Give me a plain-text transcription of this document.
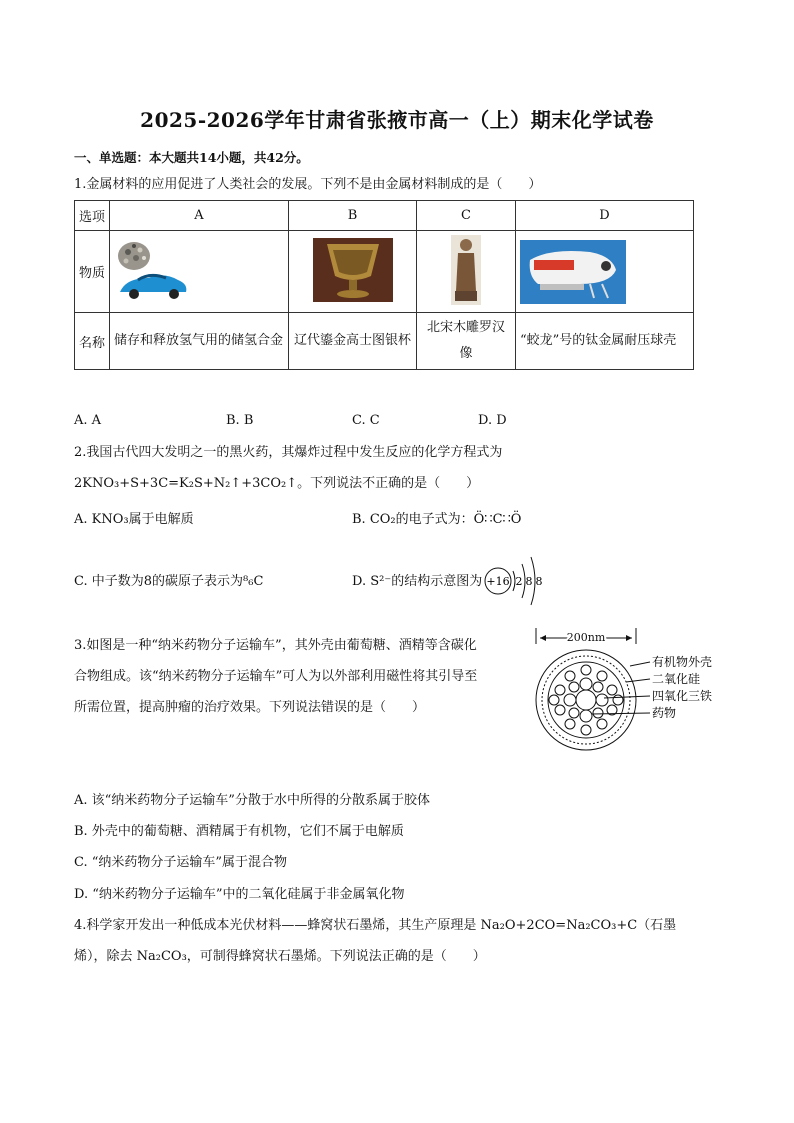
2025-2026学年甘肃省张掖市高一（上）期末化学试卷
一、单选题：本大题共14小题，共42分。
1.金属材料的应用促进了人类社会的发展。下列不是由金属材料制成的是（　　）
选项	A	B	C	D
物质	

名称	储存和释放氢气用的储氢合金	辽代鎏金高士图银杯	北宋木雕罗汉像	“蛟龙”号的钛金属耐压球壳
A. A	B. B	C. C	D. D
2.我国古代四大发明之一的黑火药，其爆炸过程中发生反应的化学方程式为
2KNO₃+S+3C=K₂S+N₂↑+3CO₂↑。下列说法不正确的是（　　）
A. KNO₃属于电解质	B. CO₂的电子式为：Ö∷C∷Ö
C. 中子数为8的碳原子表示为⁸₆C	D. S²⁻的结构示意图为 +16 2 8 8
3.如图是一种“纳米药物分子运输车”，其外壳由葡萄糖、酒精等含碳化
合物组成。该“纳米药物分子运输车”可人为以外部利用磁性将其引导至
所需位置，提高肿瘤的治疗效果。下列说法错误的是（　　）
200nm
有机物外壳
二氧化硅
四氧化三铁
药物
A. 该“纳米药物分子运输车”分散于水中所得的分散系属于胶体
B. 外壳中的葡萄糖、酒精属于有机物，它们不属于电解质
C. “纳米药物分子运输车”属于混合物
D. “纳米药物分子运输车”中的二氧化硅属于非金属氧化物
4.科学家开发出一种低成本光伏材料——蜂窝状石墨烯，其生产原理是 Na₂O+2CO=Na₂CO₃+C（石墨
烯），除去 Na₂CO₃，可制得蜂窝状石墨烯。下列说法正确的是（　　）
